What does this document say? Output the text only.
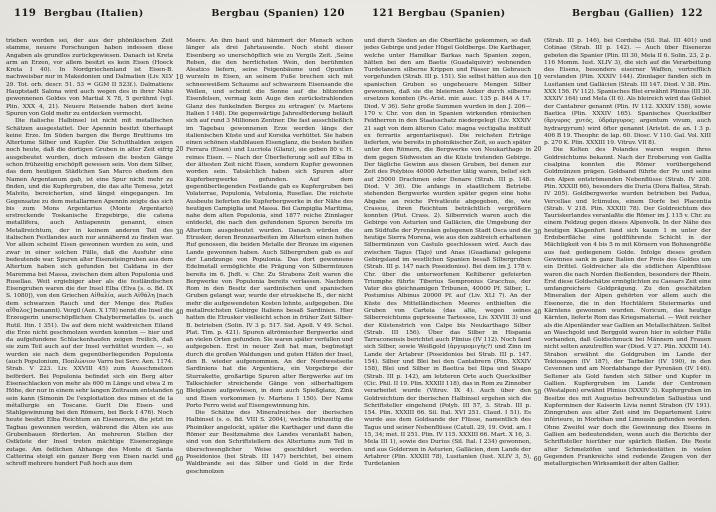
119 Bergbau (Italien)	Bergbau (Spanien) 120

trieben worden sei, der aus der phönikischen Zeit stamme, neuere Forschungen haben indessen diese Angaben als grundlos zurückgewiesen. Danach ist Kreta arm an Erzen, vor allem besitzt es kein Eisen (Hoeck Kreta I 40). In Nordgriechenland ist Eisen-B. nachweisbar nur in Makedonien und Dalmatien (Liv. XLV 29. Tot. orb. descr. 51. 53 = GGM II 523f.). Dalmatiens Hauptstadt Salona wird auch wegen des in ihrer Nähe gewonnenen Goldes von Martial X 78, 5 gerühmt (vgl. Plin. XXX 4, 21). Neuere Reisende haben dort keine Spuren von Gold mehr zu entdecken vermocht.

Die italische Halbinsel ist nicht mit metallischen Schätzen ausgestattet. Der Apennin besitzt überhaupt keine Erze. Im Süden bargen die Berge Bruttiums im Altertume Silber und Kupfer. Die Schutthalden zeigen noch heute, daß die dortigen Gruben in alter Zeit eifrig ausgebeutet wurden, doch müssen die besten Gänge schon frühzeitig erschöpft gewesen sein. Von dem Silber, das dem heutigen Städtchen San Marco ehedem den Namen Argentanum gab, ist eine Spur nicht mehr zu finden, und die Kupfergruben, die das alte Temesa, jetzt Malvito, bereicherten, sind längst eingegangen. Im Gegensatze zu dem metallarmen Apennin zeigte das sich bis zum Mons Argentarius (Monte Argentario) erstreckende Toskanische Erzgebirge, die catena metallifera, auch Antiapennin genannt, einen Metallreichtum, der in keinem anderen Teil des italischen Festlandes auch nur annähernd zu finden war. Vor allem scheint Eisen gewonnen worden zu sein, und zwar in einer solchen Fülle, daß die Ausfuhr eine bedeutende war. Spuren alter Eisensteingruben aus dem Altertum haben sich gefunden bei Caldana in der Maremma bei Massa, zwischen dem alten Populonia und Rusellae. Weit ergiebiger aber als die festländischen Eisengruben waren die der Insel Elba (Elva [s. o. Bd. IX S. 1080]), von den Griechen Αἰθαλία, auch Αἰθάλη [nach dem schwarzen Rauch und der Menge des Rußes αἴθαλος] benannt). Vergil (Aen. X 178) nennt die Insel die Erzeugerin unerschöpflichen Chalybermetalles (s. auch Rutil. Itin. I 351). Da auf dem nicht waldreichen Eiland die Erze nicht geschmolzen werden konnten — hier und da aufgefundene Schlackenhaufen zeigen freilich, daß sie zum Teil auch auf der Insel verhüttet wurden —, so wurden sie nach dem gegenüberliegenden Populonia (auch Populonium, Ποπλώνιον Varro bei Serv. Aen. 1174. Strab. V 223. Liv. XXVIII 45) zum Ausschmelzen befördert. Bei Populonia befindet sich ein Berg alter Eisenschlacken von mehr als 600 m Länge und etwa 2 m Höhe, der nur in einem sehr langen Zeitraum entstanden sein kann (Simonin De l'exploitation des mines et de la métallurgie en Toscane. Gurlt Die Eisen- und Stahlgewinnung bei den Römern, bei Beck I 476). Noch heute besitzt Elba Reichtum an Eisenerzen, die jetzt im Tagbau gewonnen werden, während die Alten sie aus Grubenbauen förderten. An mehreren Stellen der Ostküste der Insel treten mächtige Eisenerzgänge zutage. Am östlichen Abhange des Monte di Santa Catterina steigt ein ganzer Berg von Eisen nackt und schroff mehrere hundert Fuß hoch aus dem

10
20
30
40
50
60

Meere. An ihm baut und hämmert der Mensch schon länger als drei Jahrtausende. Noch steht dieser Eisenberg so unerschöpflich wie zu Vergils Zeit. ‚Seine Reben, die den herrlichsten Wein, den berühmten Aleatico liefern, seine Feigenbäume und Opuntien wurzeln in Eisen, an seinem Fuße brechen sich mit schneeweißem Schaume auf schwarzem Eisensande die Wellen, und scheint die Sonne auf die blitzenden Eisenfelsen, vermag kein Auge den zurückstrahlenden Glanz des funkelnden Berges zu ertragen' (v. Martens Italien I 148). Die gegenwärtige Jahresförderung beläuft sich auf rund 3 Millionen Zentner. Die fast ausschließlich im Tagebau gewonnenen Erze werden längs der italienischen Küste und auf Korsika verhüttet. Sie haben einen schönen stahlblauen Eisenglanz, die besten heißen Ferrara (Eisen) und Lucriola (Glanz), sie geben 80 v. H. reines Eisen. — Nach der Überlieferung soll auf Elba in der ältesten Zeit nicht Eisen, sondern Kupfer gewonnen worden sein. Tatsächlich haben sich Spuren alter Kupferbergwerke gefunden. Auf dem gegenüberliegenden Festlande gab es Kupfergruben bei Volaterrae, Populonia, Vetulonia, Rusellae. Die reichste Ausbeute lieferten die Kupferbergwerke in der Nähe des heutigen Campiglia und Massa. Bei Campiglia Maritima, nahe dem alten Populonia, sind 1877 reiche Zinnlager entdeckt, die nach den gefundenen Spuren bereits im Altertum ausgebeutet wurden. Danach würden die Etrusker, deren Bronzearbeiten im Altertum einen hohen Ruf genossen, die beiden Metalle der Bronze im eigenen Lande gewonnen haben. Auch Silbergruben gab es auf der Landzunge von Populonia. Das dort gewonnene Edelmetall ermöglichte die Prägung von Silbermünzen bereits im 6. Jhdt. v. Chr. Zu Strabons Zeit waren die Bergwerke von Populonia bereits verlassen. Nachdem Rom in den Besitz der sardinischen und spanischen Gruben gelangt war, wurde der etruskische B., der nicht mehr die aufgewendeten Kosten lohnte, aufgegeben. Die metallreichsten Gebirge Italiens besaß Sardinien. Hier hatten die Etrusker vielleicht schon in früher Zeit Silber-B. betrieben (Solin. IV 3 p. 517. Sid. Apoll. V 49. Schol. Plat. Tim. p. 421). Spuren altrömischer Bergwerke sind an vielen Orten gefunden. Sie waren später verfallen und aufgegeben. Erst in neuer Zeit hat man, begünstigt durch die großen Waldungen und guten Häfen der Insel, den B. wieder aufgenommen. An der Nordwestseite Sardiniens hat die Argentiera, ein Vorgebirge der Sturrakette, großartige Spuren alter Bergwerke auf im Talkschiefer streichende Gänge von silberhaltigem Bleiglanze aufgewiesen, in dem auch Spießglanz, Zink und Eisen vorkommen (v. Martens I 150). Der Name Porto Ferro weist auf Eisengewinnung hin.

Die Schätze des Mineralreiches der iberischen Halbinsel (s. o. Bd. VIII S. 2004), welche frühzeitig die Phoiniker angelockt, später die Karthager und dann die Römer zur Besitznahme des Landes veranlaßt haben, sind von den Schriftstellern des Altertums zum Teil in überschwenglicher Weise geschildert worden. Poseidonios (bei Strab. III 147) berichtet, bei einem Waldbrande sei das Silber und Gold in der Erde geschmolzen

121 Bergbau (Spanien)	Bergbau (Gallien) 122

und durch Sieden an die Oberfläche gekommen, so daß jedes Gebirge und jeder Hügel Goldberge. Die Karthager, welche unter Hamilkar Barkas nach Spanien zogen, hätten bei den am Baetis (Guadalquivir) wohnenden Turdetanern silberne Krippen und Fässer im Gebrauch vorgefunden (Strab. III p. 151). Sie selbst hätten aus den spanischen Gruben so ungeheuere Mengen Silber gewonnen, daß sie die bleiernen Anker durch silberne ersetzen konnten (Ps.-Arist. mir. ausc. 135 p. 844 A 17. Diod. V 36). Sehr große Summen wurden in den J. 206—170 v. Chr. von den in Spanien wirkenden römischen Feldherren in den Staatsschatz niedergelegt (Liv. XXXIV 21 sagt von dem älteren Cato: magna vectigalia instituit ex ferrariis argentariisque). Die reichsten Erträge lieferten, wie bereits in phoinikischer Zeit, so auch später unter den Römern, die Bergwerke von Neukarthago in dem gegen Südwesten an die Küste tretenden Gebirge. Der tägliche Gewinn aus diesen Gruben, bei denen zur Zeit des Polybios 40000 Arbeiter tätig waren, belief sich auf 25000 Drachmen oder Denare (Strab. III p. 148. Diod. V 36). Die anfangs in staatlichem Betriebe stehenden Bergwerke wurden später gegen eine hohe Abgabe an reiche Privatleute abgegeben, die, wie Crassus, ihren Reichtum beträchtlich vergrößern konnten (Plut. Crass. 2). Silberreich waren auch die Gebirge von Asturien und Galläcien, die Umgebung der am Südfuße der Pyrenäen gelegenen Stadt Osca und die heutige Sierra Morena, wie aus den zahlreich erhaltenen Silbermünzen von Castulo geschlossen wird. Auch das zwischen Tagus (Tajo) und Anas (Guadiana) gelegene Gebirgsland im westlichen Spanien besaß Silbergruben (Strab. III p. 147 nach Poseidonios). Bei dem im J. 178 v. Chr. über die unterworfenen Keltiberer gefeierten Triumphe führte Tiberius Sempronius Gracchus, der Vater des gleichnamigen Tribunen, 40000 Pf. Silber, L. Postumius Albinus 20000 Pf. auf (Liv. XLI 7). An der Küste des Mittelländischen Meeres enthielten die Gruben von Carteia (das alte, wegen seines Silberreichtums gepriesene Tartessos, Liv. XXVIII 3) und der Küstenstrich von Calpe bis Neukarthago Silber (Strab. III 156). Über das Silber in Hispania Tarraconensis berichtet auch Plinius (IV 112). Noch fand sich Silber, sowie Weißgold (ἀργυρομιγής?) und Zinn im Lande der Artabrer (Poseidonios bei Strab. III p. 147. 154). Silber und Blei bei den Cantabrern (Plin. XXXIV 158), Blei und Silber in Baetica bei Ilipa und Sisapo (Strab. III p. 142), am letzteren Orte auch Quecksilber (Cic. Phil. II 19. Plin. XXXIII 118), das in Rom zu Zinnober verarbeitet wurde (Vitruv. IX 4). Auch über den Goldreichtum der iberischen Halbinsel ergehen sich die Schriftsteller eingehend (Polyb. III 57, 3. Strab. III p. 154. Plin. XXXIII 66. Sil. Ital. XVI 251. Claud. I 51). Es wurde aus dem Goldsande der Flüsse, namentlich des Tagus und seiner Nebenflüsse (Catull. 29, 19. Ovid. am. I 15, 34; met. II 251. Plin. IV 115. XXXIII 66. Mart. X 16, 3. Mela III 1), sowie des Durius (Sil. Ital. I 234) gewonnen, und aus Golderzen in Asturien, Galläcien, dem Lande der Artabrer (Plin. XXXIII 78), Lusitanien (Iust. XLIV 3, 5), Turdetanien

10
20
30
40
50
60

(Strab. III p. 146), bei Corduba (Sil. Ital. III 401) und Cotinae (Strab. III p. 142). — Auch über Eisenerze geboten die Spanier (Plin. III 30, Mela II 6. Solin. 23, 2 p. 116 Momm. Iust. XLIV 3), die sich auf die Verarbeitung des Eisens, besonders eiserner Waffen, vortrefflich verstanden (Plin. XXXIV 144). Zinnlager fanden sich in Lusitanien und Galläcien (Strab. III 147. Diod. V 38. Plin. XXX 156. IV 112). Spanisches Blei erwähnt Plinius (III 30. XXXIV 164) und Mela (II 6). Als bleireich wird das Gebiet der Cantabrer genannt (Plin. IV 112. XXXIV 158), sowie Baetica (Plin. XXXIV 165). Spanisches Quecksilber (ἄργυρος χυτός, ὑδράργυρος; argentum vivum, auch hydrargyrum) wird öfter genannt (Aristot. de an. I 3 p. 406 B 19. Theophr. de lap. 60. Diosc. V 110. Gal. Vol. XIII p. 270 K. Plin. XXXIII 19. Vitruv. VII 8).

Die Kelten des Polandes waren wegen ihres Goldreichtums bekannt. Nach der Eroberung von Gallia cisalpina konnten die Römer vorübergehend Goldmünzen prägen. Goldsand führte der Po und seine den Alpen entströmenden Nebenflüsse (Strab. IV 208. Plin. XXXIII 66), besonders die Duria (Dora Baltea, Strab. IV 205). Goldbergwerke wurden betrieben bei Padua, Vercellae und Ictimulos, einem Dorfe bei Placentia (Strab. V 218. Plin. XXXIII 78). Der Goldreichtum des Tauriskerlandes veranlaßte die Römer im J. 115 v. Chr. zu einem Feldzug gegen dieses Alpenvolk. In der Nähe des heutigen Klagenfurt fand sich kaum 1 m unter der Erdoberfläche eine goldführende Schicht in der Mächtigkeit von 4 bis 5 m mit Körnern von Bohnengröße aus fast gediegenem Golde. Infolge dieses großen Gewinnes sank in ganz Italien der Preis des Goldes um ein Drittel. Goldreicher als die südlichen Alpenflüsse waren die nach Norden fließenden, besonders der Rhein. Erst diese Goldschätze ermöglichten zu Caesars Zeit eine umfangreichere Goldprägung. Zu den geschätzten Mineralien der Alpen gehörten vor allem auch die Eisenerze, die in den Hochtälern Steiermarks und Kärntens gewonnen wurden. Noricum, das heutige Kärnten, lieferte Rom das Kriegsmaterial. — Weit reicher als die Alpenländer war Gallien an Metallschätzen. Selbst an Waschgold und Berggold waren hier in solcher Fülle vorhanden, daß Goldschmuck bei Männern und Frauen nicht selten anzutreffen war (Diod. V 27. Plin. XXXIII 14). Strabon erwähnt die Goldgruben im Lande der Tektosagen (IV 187), der Tarbeller (IV 190), in den Cevennen und am Nordabhange der Pyrenäen (IV 146). Seltener als Gold fanden sich Silber und Kupfer in Gallien. Kupfergruben im Lande der Centronen (Westalpen) erwähnt Plinius (XXXIV 3). Kupfergruben im Besitze des mit Augustus befreundeten Sallustius und Kupferminen der Kaiserin Livia nennt Strabon (IV 191). Zinngruben aus alter Zeit sind im Departement Loire inférieure, in Morbihan und Limousin gefunden worden. Ohne Zweifel war doch die Gewinnung des Eisens in Gallien am bedeutendsten, wenn auch die Berichte der Schriftsteller hierüber nur spärlich fließen. Die Reste alter Schmelzöfen und Schmiedestätten in vielen Gegenden Frankreichs sind redende Zeugen von der metallurgischen Wirksamkeit der alten Gallier.
